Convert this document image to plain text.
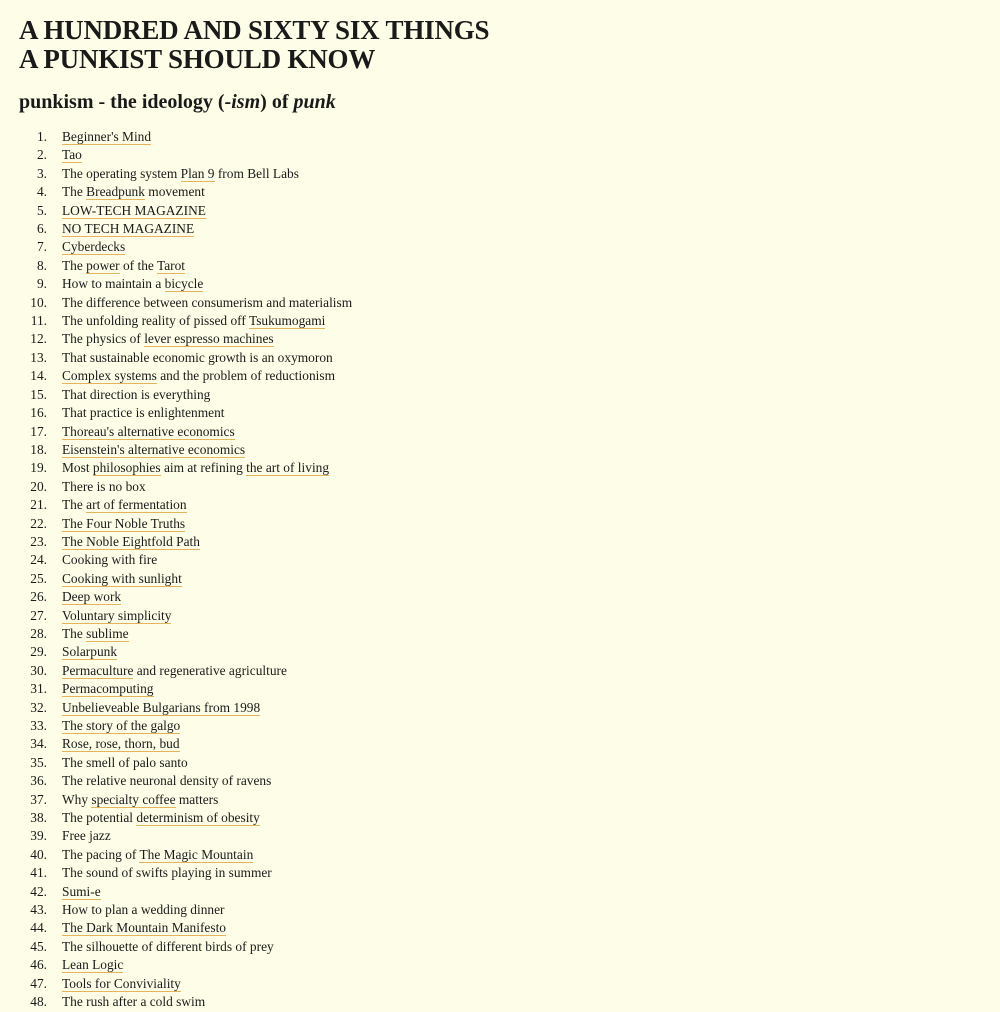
A HUNDRED AND SIXTY SIX THINGS
A PUNKIST SHOULD KNOW
punkism - the ideology (-ism) of punk
1. Beginner's Mind
2. Tao
3. The operating system Plan 9 from Bell Labs
4. The Breadpunk movement
5. LOW-TECH MAGAZINE
6. NO TECH MAGAZINE
7. Cyberdecks
8. The power of the Tarot
9. How to maintain a bicycle
10. The difference between consumerism and materialism
11. The unfolding reality of pissed off Tsukumogami
12. The physics of lever espresso machines
13. That sustainable economic growth is an oxymoron
14. Complex systems and the problem of reductionism
15. That direction is everything
16. That practice is enlightenment
17. Thoreau's alternative economics
18. Eisenstein's alternative economics
19. Most philosophies aim at refining the art of living
20. There is no box
21. The art of fermentation
22. The Four Noble Truths
23. The Noble Eightfold Path
24. Cooking with fire
25. Cooking with sunlight
26. Deep work
27. Voluntary simplicity
28. The sublime
29. Solarpunk
30. Permaculture and regenerative agriculture
31. Permacomputing
32. Unbelieveable Bulgarians from 1998
33. The story of the galgo
34. Rose, rose, thorn, bud
35. The smell of palo santo
36. The relative neuronal density of ravens
37. Why specialty coffee matters
38. The potential determinism of obesity
39. Free jazz
40. The pacing of The Magic Mountain
41. The sound of swifts playing in summer
42. Sumi-e
43. How to plan a wedding dinner
44. The Dark Mountain Manifesto
45. The silhouette of different birds of prey
46. Lean Logic
47. Tools for Conviviality
48. The rush after a cold swim
